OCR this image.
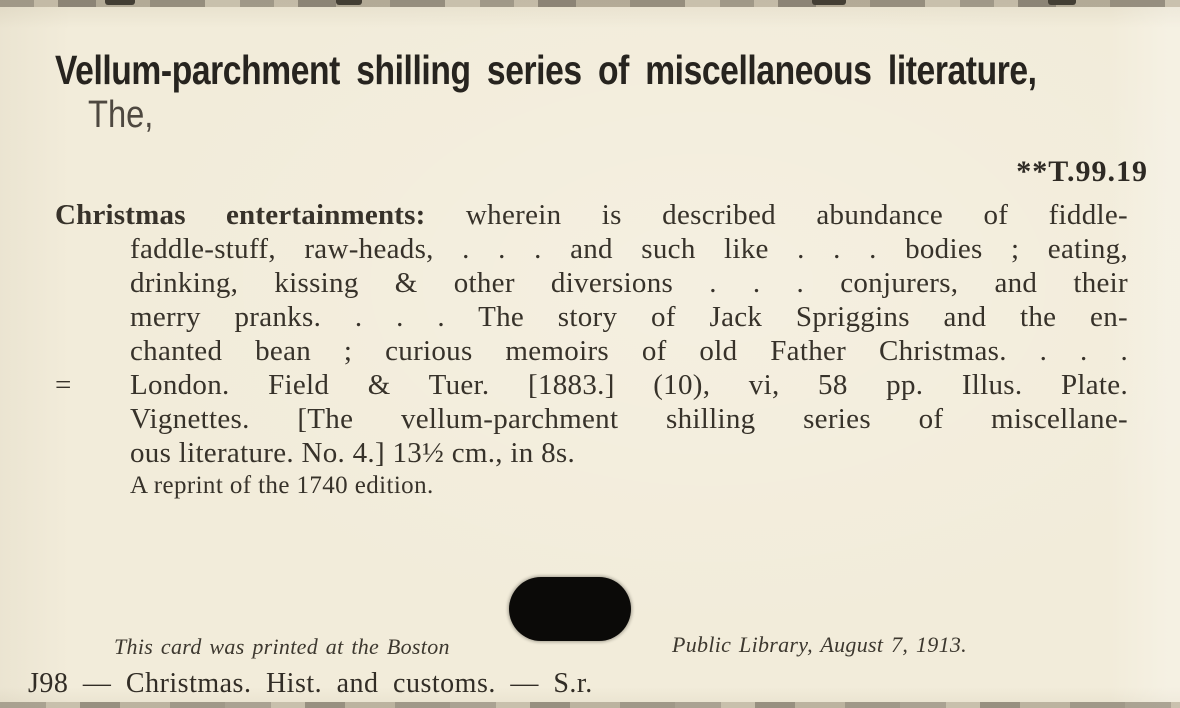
Vellum-parchment shilling series of miscellaneous literature,
The,
**T.99.19
Christmas entertainments: wherein is described abundance of fiddle-
faddle-stuff, raw-heads, . . . and such like . . . bodies ; eating,
drinking, kissing & other diversions . . . conjurers, and their
merry pranks. . . . The story of Jack Spriggins and the en-
chanted bean ; curious memoirs of old Father Christmas. . . .
= London. Field & Tuer. [1883.] (10), vi, 58 pp. Illus. Plate.
Vignettes. [The vellum-parchment shilling series of miscellane-
ous literature. No. 4.] 13½ cm., in 8s.
A reprint of the 1740 edition.
This card was printed at the Boston	Public Library, August 7, 1913.
J98 — Christmas. Hist. and customs. — S.r.
